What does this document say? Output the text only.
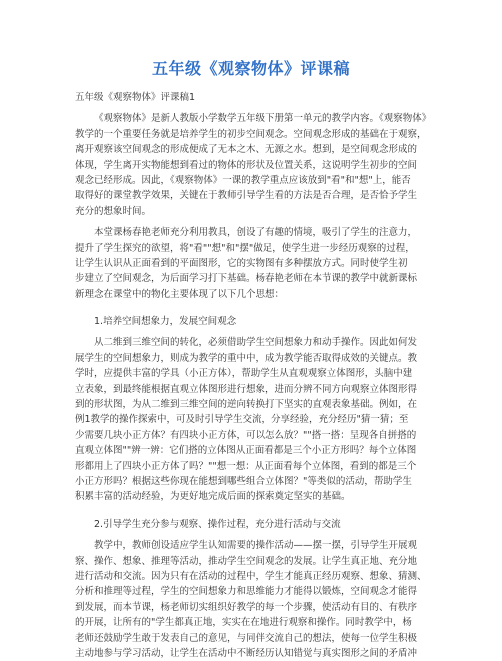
五年级《观察物体》评课稿
五年级《观察物体》评课稿1
《观察物体》是新人教版小学数学五年级下册第一单元的教学内容。《观察物体》
教学的一个重要任务就是培养学生的初步空间观念。空间观念形成的基础在于观察，
离开观察该空间观念的形成便成了无本之木、无源之水。想到，是空间观念形成的
体现，学生离开实物能想到看过的物体的形状及位置关系，这说明学生初步的空间
观念已经形成。因此，《观察物体》一课的教学重点应该放到"看"和"想"上，能否
取得好的课堂教学效果，关键在于教师引导学生看的方法是否合理，是否恰予学生
充分的想象时间。
本堂课杨春艳老师充分利用教具，创设了有趣的情境，吸引了学生的注意力，
提升了学生探究的欲望，将"看""想"和"摆"做足，使学生进一步经历观察的过程，
让学生认识从正面看到的平面图形，它的实物图有多种摆放方式。同时使学生初
步建立了空间观念，为后面学习打下基础。杨春艳老师在本节课的教学中就新课标
新理念在课堂中的物化主要体现了以下几个思想：
1.培养空间想象力，发展空间观念
从二维到三维空间的转化，必须借助学生空间想象力和动手操作。因此如何发
展学生的空间想象力，则成为教学的重中中，成为教学能否取得成效的关键点。教
学时，应提供丰富的学具（小正方体），帮助学生从直观观察立体图形，头脑中建
立表象，到最终能根据直观立体图形进行想象，进而分辨不同方向观察立体图形得
到的形状图，为从二维到三维空间的逆向转换打下坚实的直观表象基础。例如，在
例1教学的操作探索中，可及时引导学生交流，分享经验，充分经历"猜一猜；至
少需要几块小正方体？有四块小正方体，可以怎么放？""搭一搭：呈现各自拼搭的
直观立体图""辨一辨：它们搭的立体图从正面看都是三个小正方形吗？每个立体图
形都用上了四块小正方体了吗？""想一想：从正面看每个立体图，看到的都是三个
小正方形吗？根据这些你现在能想到哪些组合立体图？"等类似的活动，帮助学生
积累丰富的活动经验，为更好地完成后面的探索奠定坚实的基础。
2.引导学生充分参与观察、操作过程，充分进行活动与交流
教学中，教师创设适应学生认知需要的操作活动——摆一摆，引导学生开展观
察、操作、想象、推理等活动，推动学生空间观念的发展。让学生真正地、充分地
进行活动和交流。因为只有在活动的过程中，学生才能真正经历观察、想象、猜测、
分析和推理等过程，学生的空间想象力和思维能力才能得以锻炼，空间观念才能得
到发展，而本节课，杨老师切实组织好教学的每一个步骤，使活动有目的、有秩序
的开展，让所有的"学生都真正地，实实在在地进行观察和操作。同时教学中，杨
老师还鼓励学生敢于发表自己的意见，与同伴交流自己的想法，使每一位学生积极
主动地参与学习活动，让学生在活动中不断经历认知错觉与真实图形之间的矛盾冲
